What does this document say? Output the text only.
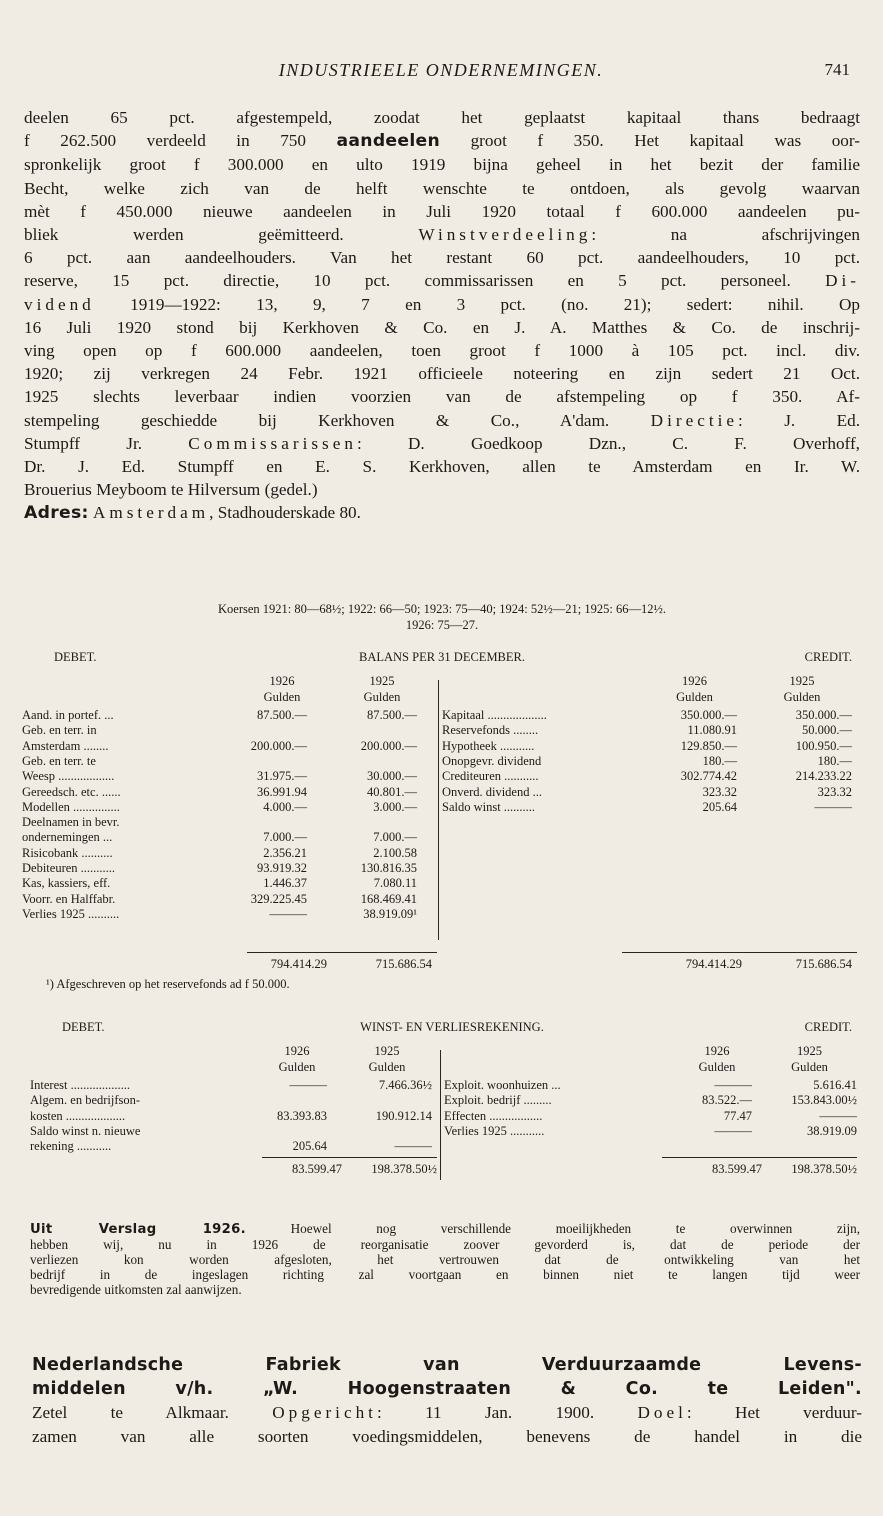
INDUSTRIEELE ONDERNEMINGEN.	741
deelen 65 pct. afgestempeld, zoodat het geplaatst kapitaal thans bedraagt
f 262.500 verdeeld in 750 aandeelen groot f 350. Het kapitaal was oor-
spronkelijk groot f 300.000 en ulto 1919 bijna geheel in het bezit der familie
Becht, welke zich van de helft wenschte te ontdoen, als gevolg waarvan
mèt f 450.000 nieuwe aandeelen in Juli 1920 totaal f 600.000 aandeelen pu-
bliek werden geëmitteerd. Winstverdeeling: na afschrijvingen
6 pct. aan aandeelhouders. Van het restant 60 pct. aandeelhouders, 10 pct.
reserve, 15 pct. directie, 10 pct. commissarissen en 5 pct. personeel. Di-
vidend 1919—1922: 13, 9, 7 en 3 pct. (no. 21); sedert: nihil. Op
16 Juli 1920 stond bij Kerkhoven & Co. en J. A. Matthes & Co. de inschrij-
ving open op f 600.000 aandeelen, toen groot f 1000 à 105 pct. incl. div.
1920; zij verkregen 24 Febr. 1921 officieele noteering en zijn sedert 21 Oct.
1925 slechts leverbaar indien voorzien van de afstempeling op f 350. Af-
stempeling geschiedde bij Kerkhoven & Co., A'dam. Directie: J. Ed.
Stumpff Jr. Commissarissen: D. Goedkoop Dzn., C. F. Overhoff,
Dr. J. Ed. Stumpff en E. S. Kerkhoven, allen te Amsterdam en Ir. W.
Brouerius Meyboom te Hilversum (gedel.)
Adres: Amsterdam, Stadhouderskade 80.
Koersen 1921: 80—68½; 1922: 66—50; 1923: 75—40; 1924: 52½—21; 1925: 66—12½.
1926: 75—27.
DEBET.	BALANS PER 31 DECEMBER.	CREDIT.
1926	1925
Gulden	Gulden
1926	1925
Gulden	Gulden
Aand. in portef. ...	87.500.—	87.500.—
Geb. en terr. in
Amsterdam ........	200.000.—	200.000.—
Geb. en terr. te
Weesp ..................	31.975.—	30.000.—
Gereedsch. etc. ......	36.991.94	40.801.—
Modellen ...............	4.000.—	3.000.—
Deelnamen in bevr.
ondernemingen ...	7.000.—	7.000.—
Risicobank ..........	2.356.21	2.100.58
Debiteuren ...........	93.919.32	130.816.35
Kas, kassiers, eff.	1.446.37	7.080.11
Voorr. en Halffabr.	329.225.45	168.469.41
Verlies 1925 ..........	———	38.919.09¹
Kapitaal ...................	350.000.—	350.000.—
Reservefonds ........	11.080.91	50.000.—
Hypotheek ...........	129.850.—	100.950.—
Onopgevr. dividend	180.—	180.—
Crediteuren ...........	302.774.42	214.233.22
Onverd. dividend ...	323.32	323.32
Saldo winst ..........	205.64	———
794.414.29	715.686.54	794.414.29	715.686.54
¹) Afgeschreven op het reservefonds ad f 50.000.
DEBET.	WINST- EN VERLIESREKENING.	CREDIT.
1926	1925
Gulden	Gulden
1926	1925
Gulden	Gulden
Interest ...................	———	7.466.36½
Algem. en bedrijfson-
kosten ...................	83.393.83	190.912.14
Saldo winst n. nieuwe
rekening ...........	205.64	———
Exploit. woonhuizen ...	———	5.616.41
Exploit. bedrijf .........	83.522.—	153.843.00½
Effecten .................	77.47	———
Verlies 1925 ...........	———	38.919.09
83.599.47	198.378.50½	83.599.47	198.378.50½
Uit Verslag 1926. Hoewel nog verschillende moeilijkheden te overwinnen zijn,
hebben wij, nu in 1926 de reorganisatie zoover gevorderd is, dat de periode der
verliezen kon worden afgesloten, het vertrouwen dat de ontwikkeling van het
bedrijf in de ingeslagen richting zal voortgaan en binnen niet te langen tijd weer
bevredigende uitkomsten zal aanwijzen.
Nederlandsche Fabriek van Verduurzaamde Levens-
middelen v/h. „W. Hoogenstraaten & Co. te Leiden".
Zetel te Alkmaar. Opgericht: 11 Jan. 1900. Doel: Het verduur-
zamen van alle soorten voedingsmiddelen, benevens de handel in die
